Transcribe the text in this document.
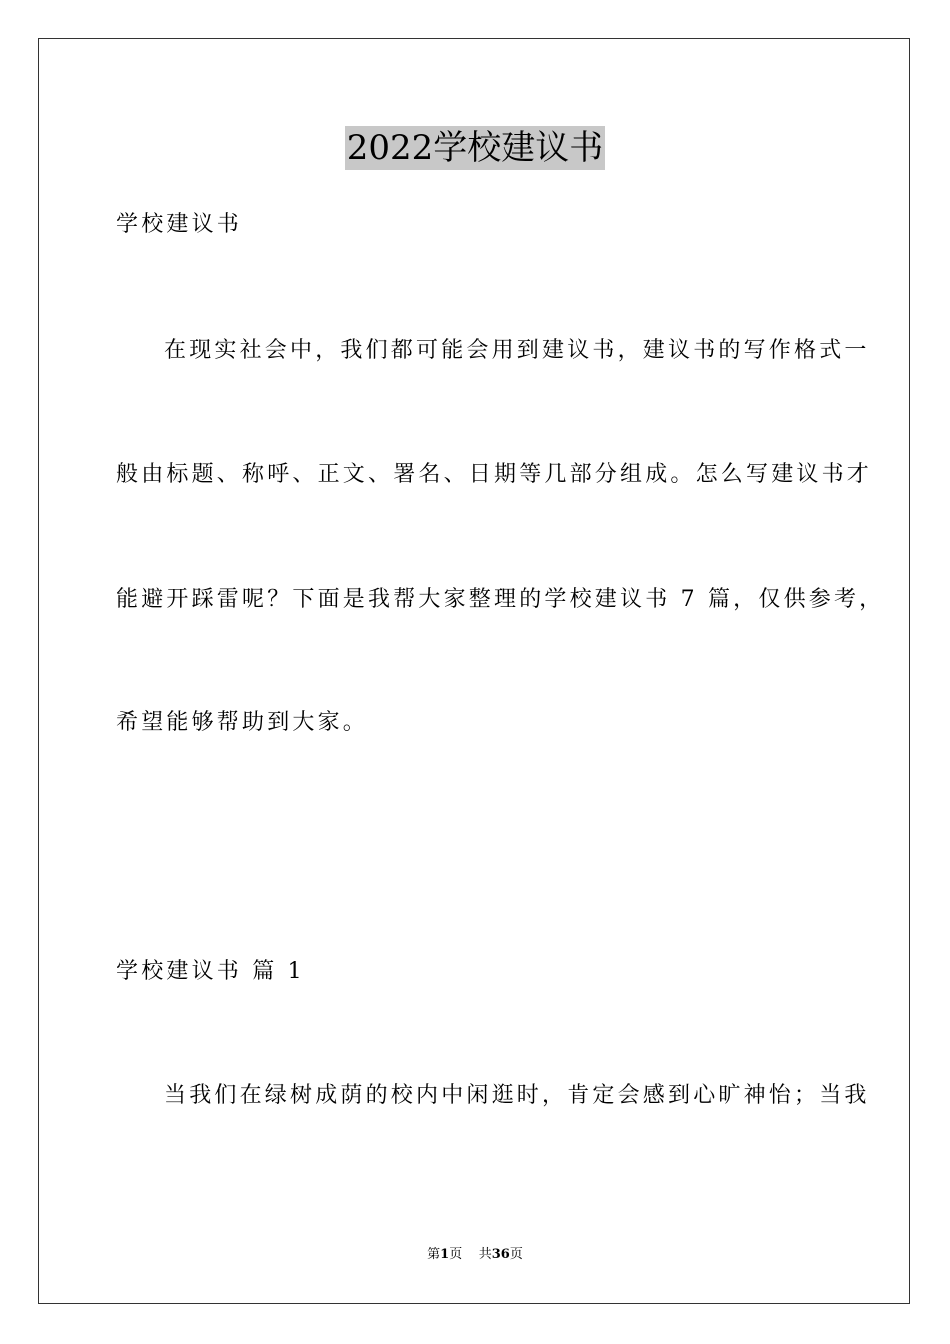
2022学校建议书
学校建议书
在现实社会中，我们都可能会用到建议书，建议书的写作格式一
般由标题、称呼、正文、署名、日期等几部分组成。怎么写建议书才
能避开踩雷呢？下面是我帮大家整理的学校建议书 7 篇，仅供参考，
希望能够帮助到大家。
学校建议书 篇 1
当我们在绿树成荫的校内中闲逛时，肯定会感到心旷神怡；当我
第1页 共36页
